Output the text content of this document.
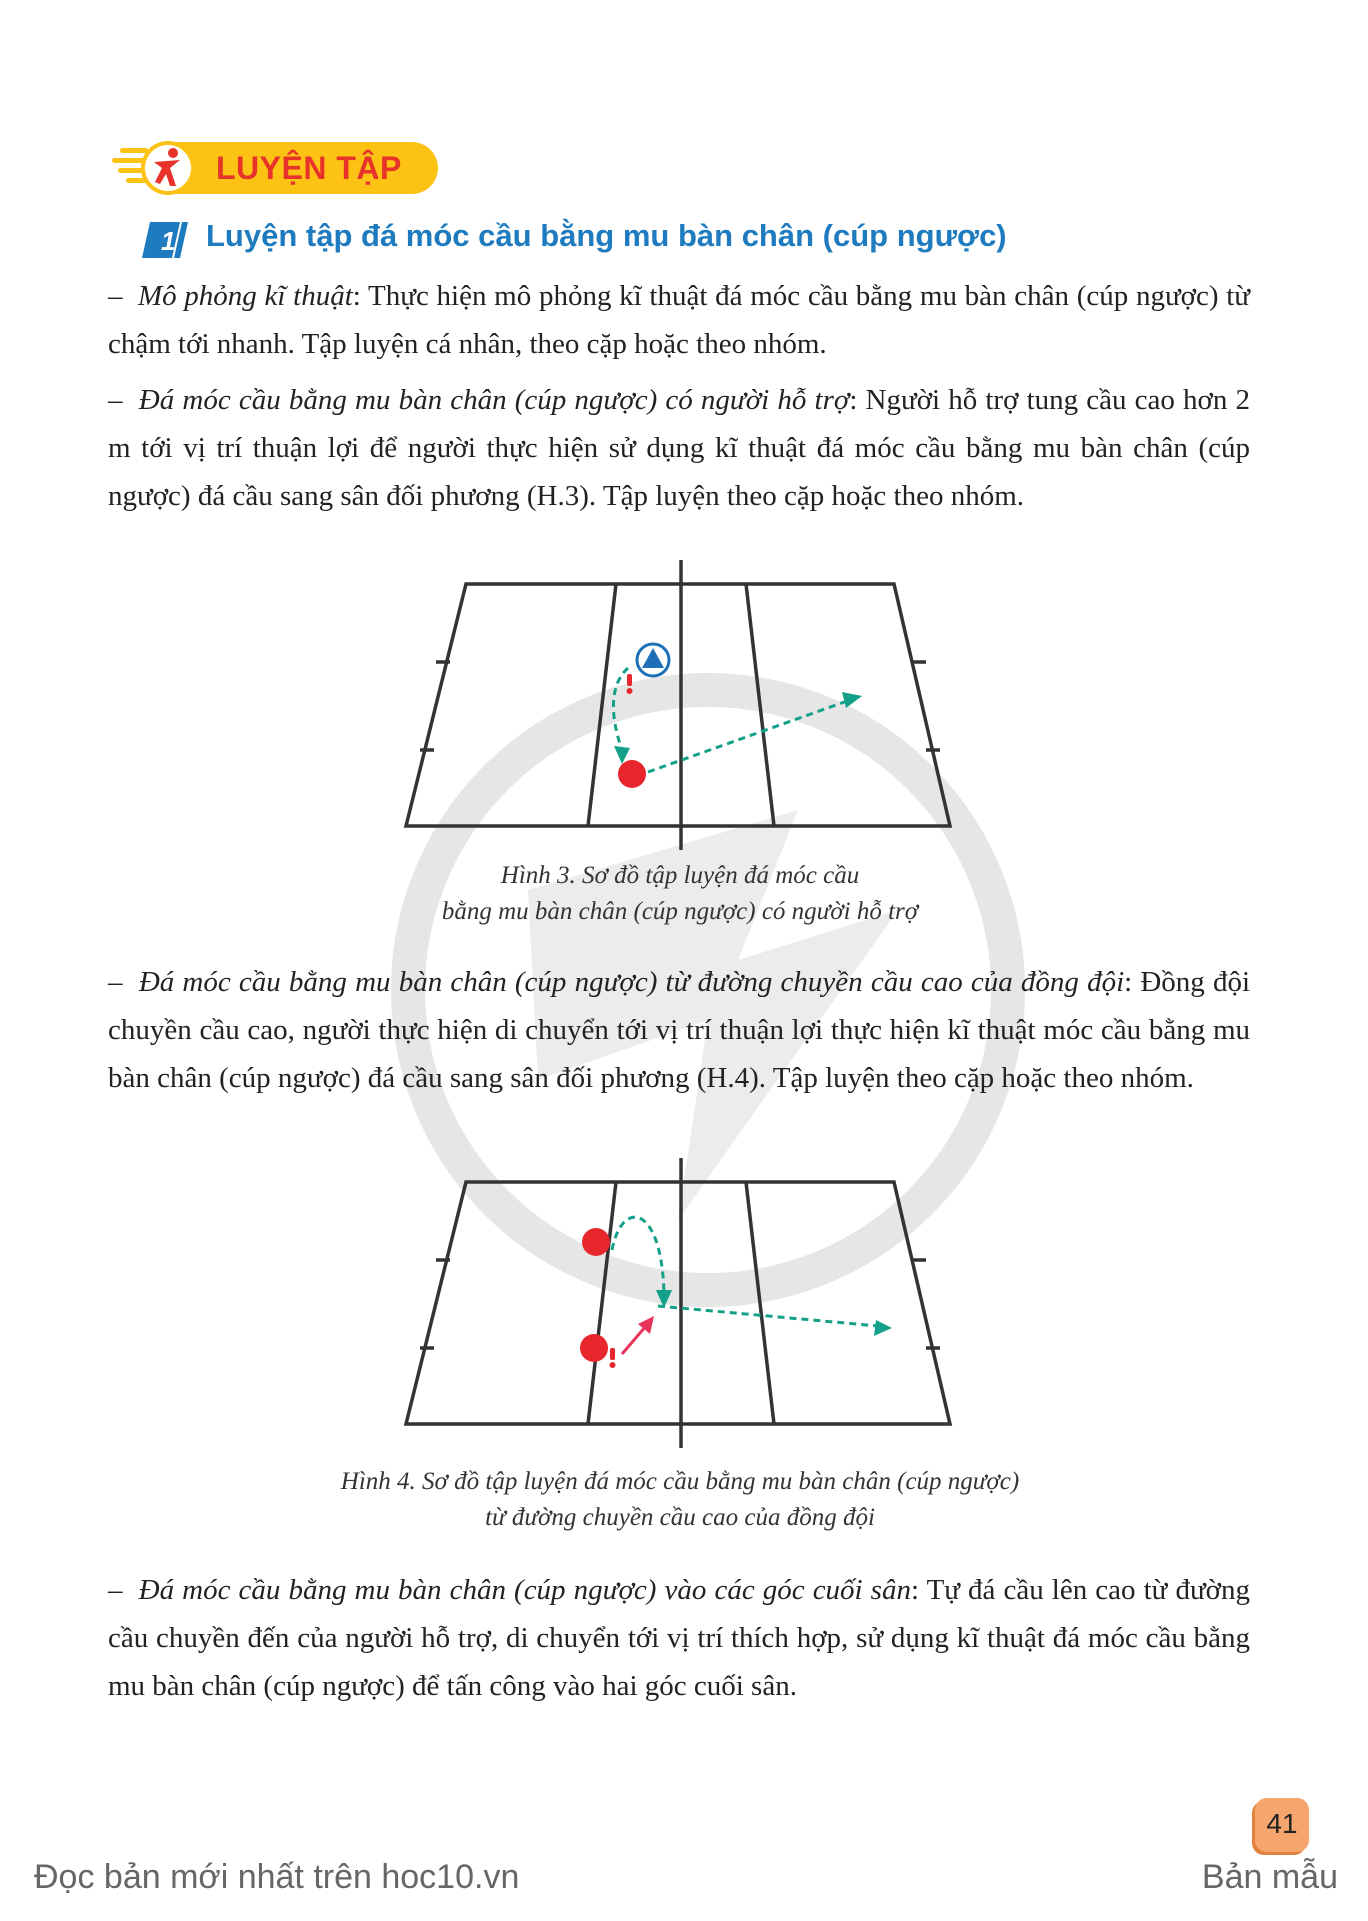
LUYỆN TẬP
1 Luyện tập đá móc cầu bằng mu bàn chân (cúp ngược)
– Mô phỏng kĩ thuật: Thực hiện mô phỏng kĩ thuật đá móc cầu bằng mu bàn chân (cúp ngược) từ chậm tới nhanh. Tập luyện cá nhân, theo cặp hoặc theo nhóm.
– Đá móc cầu bằng mu bàn chân (cúp ngược) có người hỗ trợ: Người hỗ trợ tung cầu cao hơn 2 m tới vị trí thuận lợi để người thực hiện sử dụng kĩ thuật đá móc cầu bằng mu bàn chân (cúp ngược) đá cầu sang sân đối phương (H.3). Tập luyện theo cặp hoặc theo nhóm.
Hình 3. Sơ đồ tập luyện đá móc cầu
bằng mu bàn chân (cúp ngược) có người hỗ trợ
– Đá móc cầu bằng mu bàn chân (cúp ngược) từ đường chuyền cầu cao của đồng đội: Đồng đội chuyền cầu cao, người thực hiện di chuyển tới vị trí thuận lợi thực hiện kĩ thuật móc cầu bằng mu bàn chân (cúp ngược) đá cầu sang sân đối phương (H.4). Tập luyện theo cặp hoặc theo nhóm.
Hình 4. Sơ đồ tập luyện đá móc cầu bằng mu bàn chân (cúp ngược)
từ đường chuyền cầu cao của đồng đội
– Đá móc cầu bằng mu bàn chân (cúp ngược) vào các góc cuối sân: Tự đá cầu lên cao từ đường cầu chuyền đến của người hỗ trợ, di chuyển tới vị trí thích hợp, sử dụng kĩ thuật đá móc cầu bằng mu bàn chân (cúp ngược) để tấn công vào hai góc cuối sân.
41
Đọc bản mới nhất trên hoc10.vn	Bản mẫu
